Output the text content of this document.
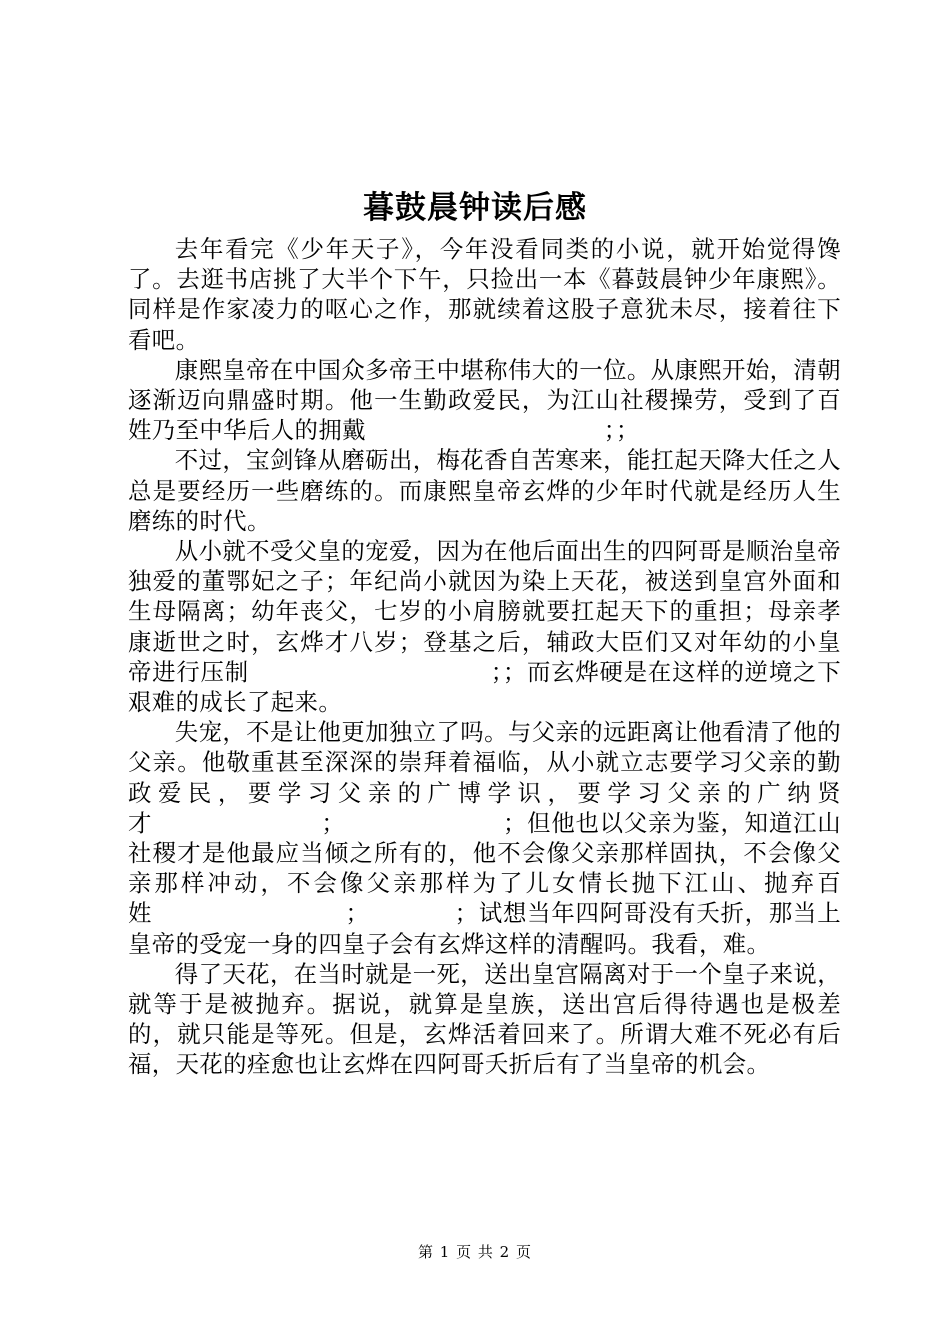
暮鼓晨钟读后感

去年看完《少年天子》，今年没看同类的小说，就开始觉得馋了。去逛书店挑了大半个下午，只捡出一本《暮鼓晨钟少年康熙》。同样是作家凌力的呕心之作，那就续着这股子意犹未尽，接着往下看吧。

康熙皇帝在中国众多帝王中堪称伟大的一位。从康熙开始，清朝逐渐迈向鼎盛时期。他一生勤政爱民，为江山社稷操劳，受到了百姓乃至中华后人的拥戴　　　　　　　　　　；；

不过，宝剑锋从磨砺出，梅花香自苦寒来，能扛起天降大任之人总是要经历一些磨练的。而康熙皇帝玄烨的少年时代就是经历人生磨练的时代。

从小就不受父皇的宠爱，因为在他后面出生的四阿哥是顺治皇帝独爱的董鄂妃之子；年纪尚小就因为染上天花，被送到皇宫外面和生母隔离；幼年丧父，七岁的小肩膀就要扛起天下的重担；母亲孝康逝世之时，玄烨才八岁；登基之后，辅政大臣们又对年幼的小皇帝进行压制　　　　　　　　　　；；而玄烨硬是在这样的逆境之下艰难的成长了起来。

失宠，不是让他更加独立了吗。与父亲的远距离让他看清了他的父亲。他敬重甚至深深的崇拜着福临，从小就立志要学习父亲的勤政爱民，要学习父亲的广博学识，要学习父亲的广纳贤才　　　　　　　；　　　　　　　；但他也以父亲为鉴，知道江山社稷才是他最应当倾之所有的，他不会像父亲那样固执，不会像父亲那样冲动，不会像父亲那样为了儿女情长抛下江山、抛弃百姓　　　　　　　　；　　　　；试想当年四阿哥没有夭折，那当上皇帝的受宠一身的四皇子会有玄烨这样的清醒吗。我看，难。

得了天花，在当时就是一死，送出皇宫隔离对于一个皇子来说，就等于是被抛弃。据说，就算是皇族，送出宫后得待遇也是极差的，就只能是等死。但是，玄烨活着回来了。所谓大难不死必有后福，天花的痊愈也让玄烨在四阿哥夭折后有了当皇帝的机会。

第 1 页 共 2 页
